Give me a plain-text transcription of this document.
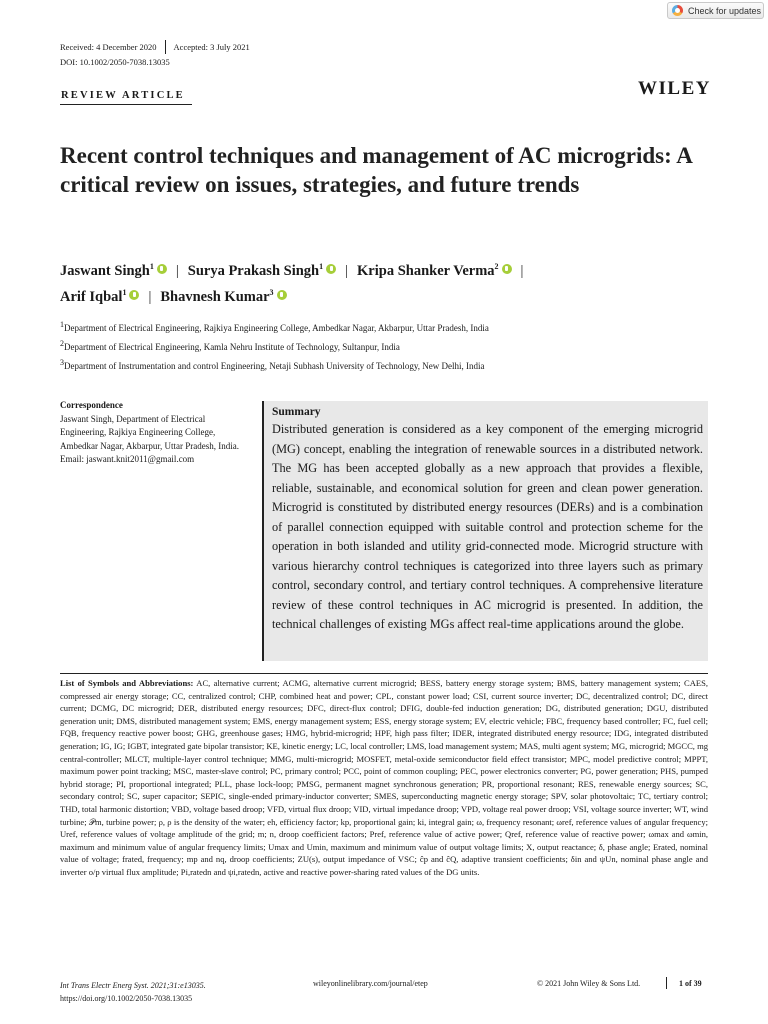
Check for updates
Received: 4 December 2020 Accepted: 3 July 2021
DOI: 10.1002/2050-7038.13035
REVIEW ARTICLE	WILEY
Recent control techniques and management of AC microgrids: A critical review on issues, strategies, and future trends
Jaswant Singh$^1$ | Surya Prakash Singh$^1$ | Kripa Shanker Verma$^2$ |
Arif Iqbal$^1$ | Bhavnesh Kumar$^3$
$^1$Department of Electrical Engineering, Rajkiya Engineering College, Ambedkar Nagar, Akbarpur, Uttar Pradesh, India
$^2$Department of Electrical Engineering, Kamla Nehru Institute of Technology, Sultanpur, India
$^3$Department of Instrumentation and control Engineering, Netaji Subhash University of Technology, New Delhi, India
Correspondence
Jaswant Singh, Department of Electrical Engineering, Rajkiya Engineering College, Ambedkar Nagar, Akbarpur, Uttar Pradesh, India.
Email: jaswant.knit2011@gmail.com
Summary
Distributed generation is considered as a key component of the emerging microgrid (MG) concept, enabling the integration of renewable sources in a distributed network. The MG has been accepted globally as a new approach that provides a flexible, reliable, sustainable, and economical solution for green and clean power generation. Microgrid is constituted by distributed energy resources (DERs) and is a combination of parallel connection equipped with suitable control and protection scheme for the operation in both islanded and utility grid-connected mode. Microgrid structure with various hierarchy control techniques is categorized into three layers such as primary control, secondary control, and tertiary control techniques. A comprehensive literature review of these control techniques in AC microgrid is presented. In addition, the technical challenges of existing MGs affect real-time applications around the globe.
List of Symbols and Abbreviations: AC, alternative current; ACMG, alternative current microgrid; BESS, battery energy storage system; BMS, battery management system; CAES, compressed air energy storage; CC, centralized control; CHP, combined heat and power; CPL, constant power load; CSI, current source inverter; DC, decentralized control; DC, direct current; DCMG, DC microgrid; DER, distributed energy resources; DFC, direct-flux control; DFIG, double-fed induction generation; DG, distributed generation; DGU, distributed generation unit; DMS, distributed management system; EMS, energy management system; ESS, energy storage system; EV, electric vehicle; FBC, frequency based controller; FC, fuel cell; FQB, frequency reactive power boost; GHG, greenhouse gases; HMG, hybrid-microgrid; HPF, high pass filter; IDER, integrated distributed energy resource; IDG, integrated distributed generation; IG, IG; IGBT, integrated gate bipolar transistor; KE, kinetic energy; LC, local controller; LMS, load management system; MAS, multi agent system; MG, microgrid; MGCC, mg central-controller; MLCT, multiple-layer control technique; MMG, multi-microgrid; MOSFET, metal-oxide semiconductor field effect transistor; MPC, model predictive control; MPPT, maximum power point tracking; MSC, master-slave control; PC, primary control; PCC, point of common coupling; PEC, power electronics converter; PG, power generation; PHS, pumped hybrid storage; PI, proportional integrated; PLL, phase lock-loop; PMSG, permanent magnet synchronous generation; PR, proportional resonant; RES, renewable energy sources; SC, secondary control; SC, super capacitor; SEPIC, single-ended primary-inductor converter; SMES, superconducting magnetic energy storage; SPV, solar photovoltaic; TC, tertiary control; THD, total harmonic distortion; VBD, voltage based droop; VFD, virtual flux droop; VID, virtual impedance droop; VPD, voltage real power droop; VSI, voltage source inverter; WT, wind turbine; 𝒫m, turbine power; ρ, ρ is the density of the water; eh, efficiency factor; kp, proportional gain; ki, integral gain; ω, frequency resonant; ωref, reference values of angular frequency; Uref, reference values of voltage amplitude of the grid; m; n, droop coefficient factors; Pref, reference value of active power; Qref, reference value of reactive power; ωmax and ωmin, maximum and minimum value of angular frequency limits; Umax and Umin, maximum and minimum value of output voltage limits; X, output reactance; δ, phase angle; Erated, nominal value of voltage; frated, frequency; mp and nq, droop coefficients; ZU(s), output impedance of VSC; ĉp and ĉQ, adaptive transient coefficients; δin and ψUn, nominal phase angle and inverter o/p virtual flux amplitude; Pi,ratedn and ψi,ratedn, active and reactive power-sharing rated values of the DG units.
Int Trans Electr Energ Syst. 2021;31:e13035.
https://doi.org/10.1002/2050-7038.13035
wileyonlinelibrary.com/journal/etep	© 2021 John Wiley & Sons Ltd.	1 of 39
